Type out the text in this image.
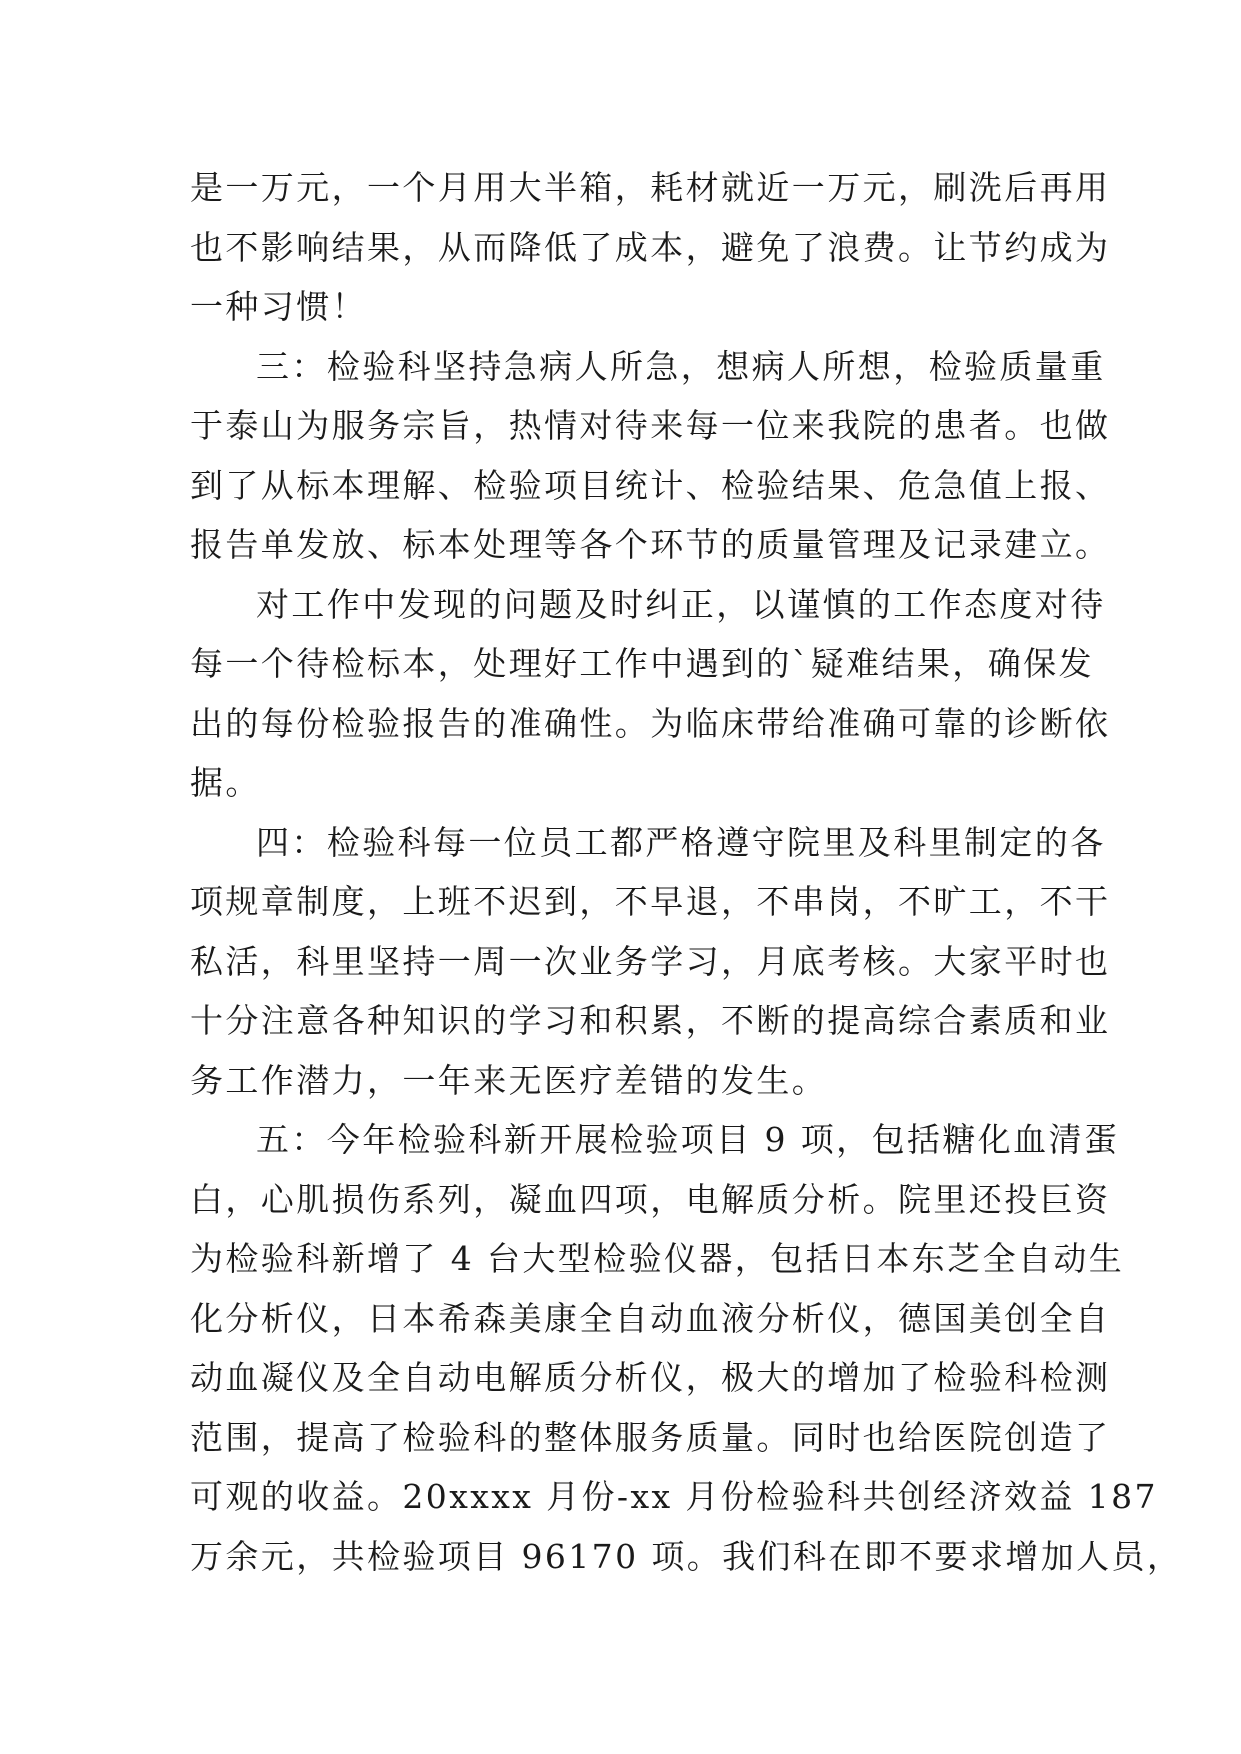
是一万元，一个月用大半箱，耗材就近一万元，刷洗后再用
也不影响结果，从而降低了成本，避免了浪费。让节约成为
一种习惯！
三：检验科坚持急病人所急，想病人所想，检验质量重
于泰山为服务宗旨，热情对待来每一位来我院的患者。也做
到了从标本理解、检验项目统计、检验结果、危急值上报、
报告单发放、标本处理等各个环节的质量管理及记录建立。
对工作中发现的问题及时纠正，以谨慎的工作态度对待
每一个待检标本，处理好工作中遇到的`疑难结果，确保发
出的每份检验报告的准确性。为临床带给准确可靠的诊断依
据。
四：检验科每一位员工都严格遵守院里及科里制定的各
项规章制度，上班不迟到，不早退，不串岗，不旷工，不干
私活，科里坚持一周一次业务学习，月底考核。大家平时也
十分注意各种知识的学习和积累，不断的提高综合素质和业
务工作潜力，一年来无医疗差错的发生。
五：今年检验科新开展检验项目 9 项，包括糖化血清蛋
白，心肌损伤系列，凝血四项，电解质分析。院里还投巨资
为检验科新增了 4 台大型检验仪器，包括日本东芝全自动生
化分析仪，日本希森美康全自动血液分析仪，德国美创全自
动血凝仪及全自动电解质分析仪，极大的增加了检验科检测
范围，提高了检验科的整体服务质量。同时也给医院创造了
可观的收益。20xxxx 月份-xx 月份检验科共创经济效益 187
万余元，共检验项目 96170 项。我们科在即不要求增加人员，
